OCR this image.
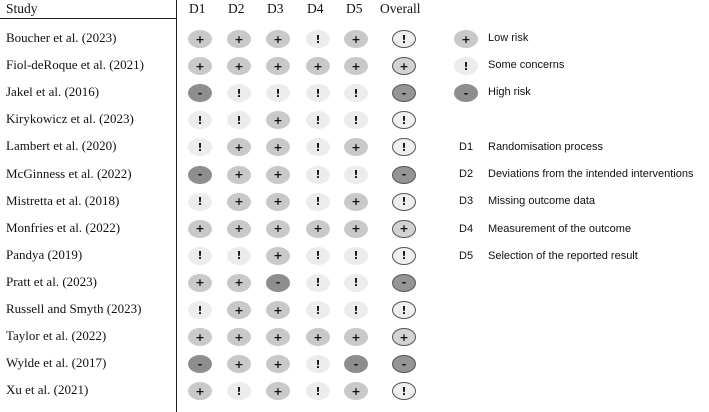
Study	D1 D2 D3 D4 D5 Overall
Boucher et al. (2023)	+	+	+	!	+	!
Fiol-deRoque et al. (2021)	+	+	+	+	+	+
Jakel et al. (2016)	-	!	!	!	!	-
Kirykowicz et al. (2023)	!	!	+	!	!	!
Lambert et al. (2020)	!	+	+	!	+	!
McGinness et al. (2022)	-	+	+	!	!	-
Mistretta et al. (2018)	!	+	+	!	+	!
Monfries et al. (2022)	+	+	+	+	+	+
Pandya (2019)	!	!	+	!	!	!
Pratt et al. (2023)	+	+	-	!	!	-
Russell and Smyth (2023)	!	+	+	!	!	!
Taylor et al. (2022)	+	+	+	+	+	+
Wylde et al. (2017)	-	+	+	!	-	-
Xu et al. (2021)	+	!	+	!	+	!
+	Low risk
!	Some concerns
-	High risk
D1 Randomisation process
D2 Deviations from the intended interventions
D3 Missing outcome data
D4 Measurement of the outcome
D5 Selection of the reported result
